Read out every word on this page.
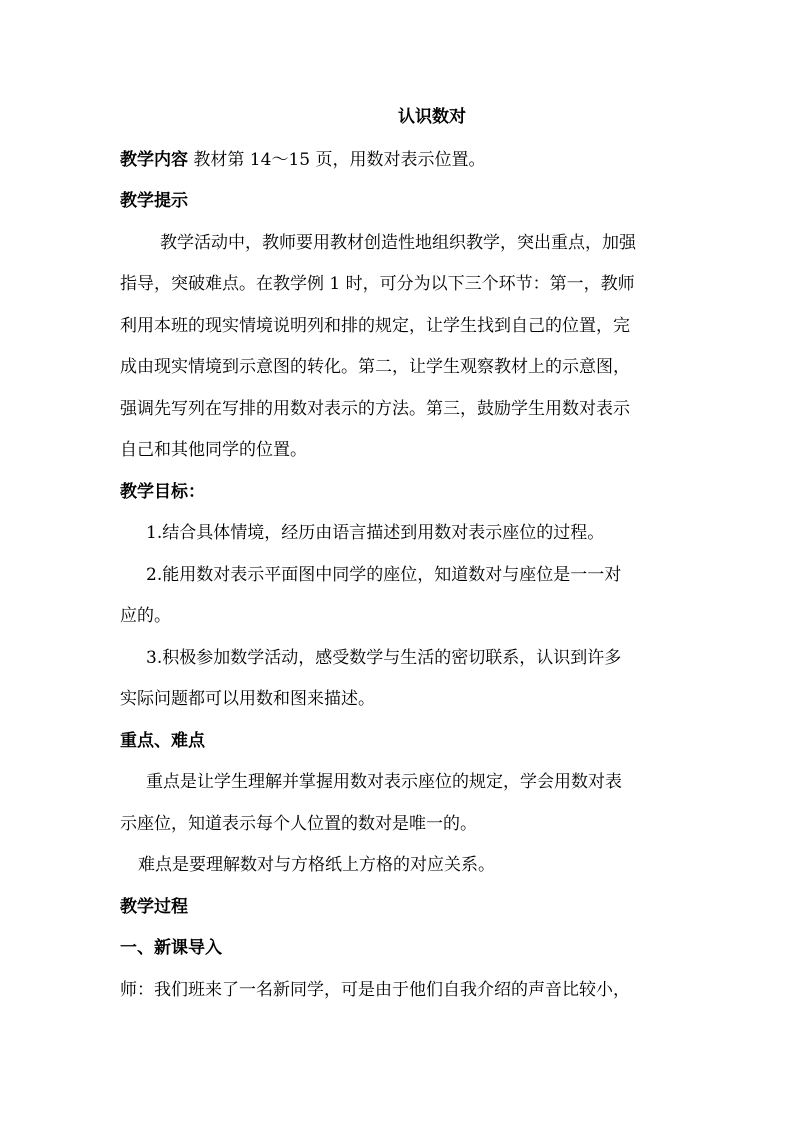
认识数对
教学内容 教材第 14～15 页，用数对表示位置。
教学提示
教学活动中，教师要用教材创造性地组织教学，突出重点，加强
指导，突破难点。在教学例 1 时，可分为以下三个环节：第一，教师
利用本班的现实情境说明列和排的规定，让学生找到自己的位置，完
成由现实情境到示意图的转化。第二，让学生观察教材上的示意图，
强调先写列在写排的用数对表示的方法。第三，鼓励学生用数对表示
自己和其他同学的位置。
教学目标：
1.结合具体情境，经历由语言描述到用数对表示座位的过程。
2.能用数对表示平面图中同学的座位，知道数对与座位是一一对
应的。
3.积极参加数学活动，感受数学与生活的密切联系，认识到许多
实际问题都可以用数和图来描述。
重点、难点
重点是让学生理解并掌握用数对表示座位的规定，学会用数对表
示座位，知道表示每个人位置的数对是唯一的。
难点是要理解数对与方格纸上方格的对应关系。
教学过程
一、新课导入
师：我们班来了一名新同学，可是由于他们自我介绍的声音比较小，
